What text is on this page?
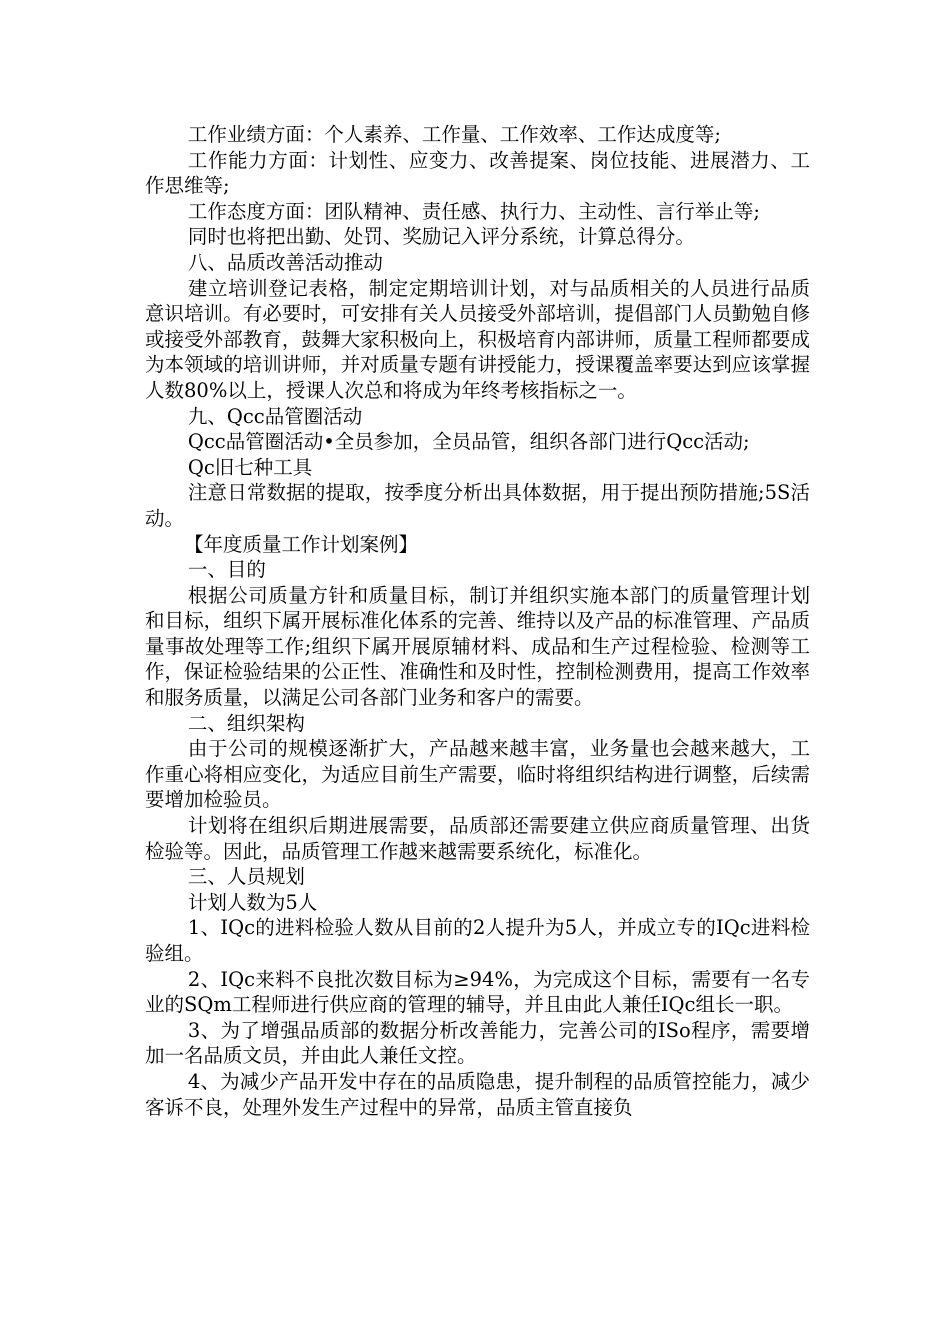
工作业绩方面：个人素养、工作量、工作效率、工作达成度等;

工作能力方面：计划性、应变力、改善提案、岗位技能、进展潜力、工作思维等;

工作态度方面：团队精神、责任感、执行力、主动性、言行举止等;

同时也将把出勤、处罚、奖励记入评分系统，计算总得分。

八、品质改善活动推动

建立培训登记表格，制定定期培训计划，对与品质相关的人员进行品质意识培训。有必要时，可安排有关人员接受外部培训，提倡部门人员勤勉自修或接受外部教育，鼓舞大家积极向上，积极培育内部讲师，质量工程师都要成为本领域的培训讲师，并对质量专题有讲授能力，授课覆盖率要达到应该掌握人数80%以上，授课人次总和将成为年终考核指标之一。

九、Qcc品管圈活动

Qcc品管圈活动•全员参加，全员品管，组织各部门进行Qcc活动;

Qc旧七种工具

注意日常数据的提取，按季度分析出具体数据，用于提出预防措施;5S活动。

【年度质量工作计划案例】

一、目的

根据公司质量方针和质量目标，制订并组织实施本部门的质量管理计划和目标，组织下属开展标准化体系的完善、维持以及产品的标准管理、产品质量事故处理等工作;组织下属开展原辅材料、成品和生产过程检验、检测等工作，保证检验结果的公正性、准确性和及时性，控制检测费用，提高工作效率和服务质量，以满足公司各部门业务和客户的需要。

二、组织架构

由于公司的规模逐渐扩大，产品越来越丰富，业务量也会越来越大，工作重心将相应变化，为适应目前生产需要，临时将组织结构进行调整，后续需要增加检验员。

计划将在组织后期进展需要，品质部还需要建立供应商质量管理、出货检验等。因此，品质管理工作越来越需要系统化，标准化。

三、人员规划

计划人数为5人

1、IQc的进料检验人数从目前的2人提升为5人，并成立专的IQc进料检验组。

2、IQc来料不良批次数目标为≥94%，为完成这个目标，需要有一名专业的SQm工程师进行供应商的管理的辅导，并且由此人兼任IQc组长一职。

3、为了增强品质部的数据分析改善能力，完善公司的ISo程序，需要增加一名品质文员，并由此人兼任文控。

4、为减少产品开发中存在的品质隐患，提升制程的品质管控能力，减少客诉不良，处理外发生产过程中的异常，品质主管直接负
